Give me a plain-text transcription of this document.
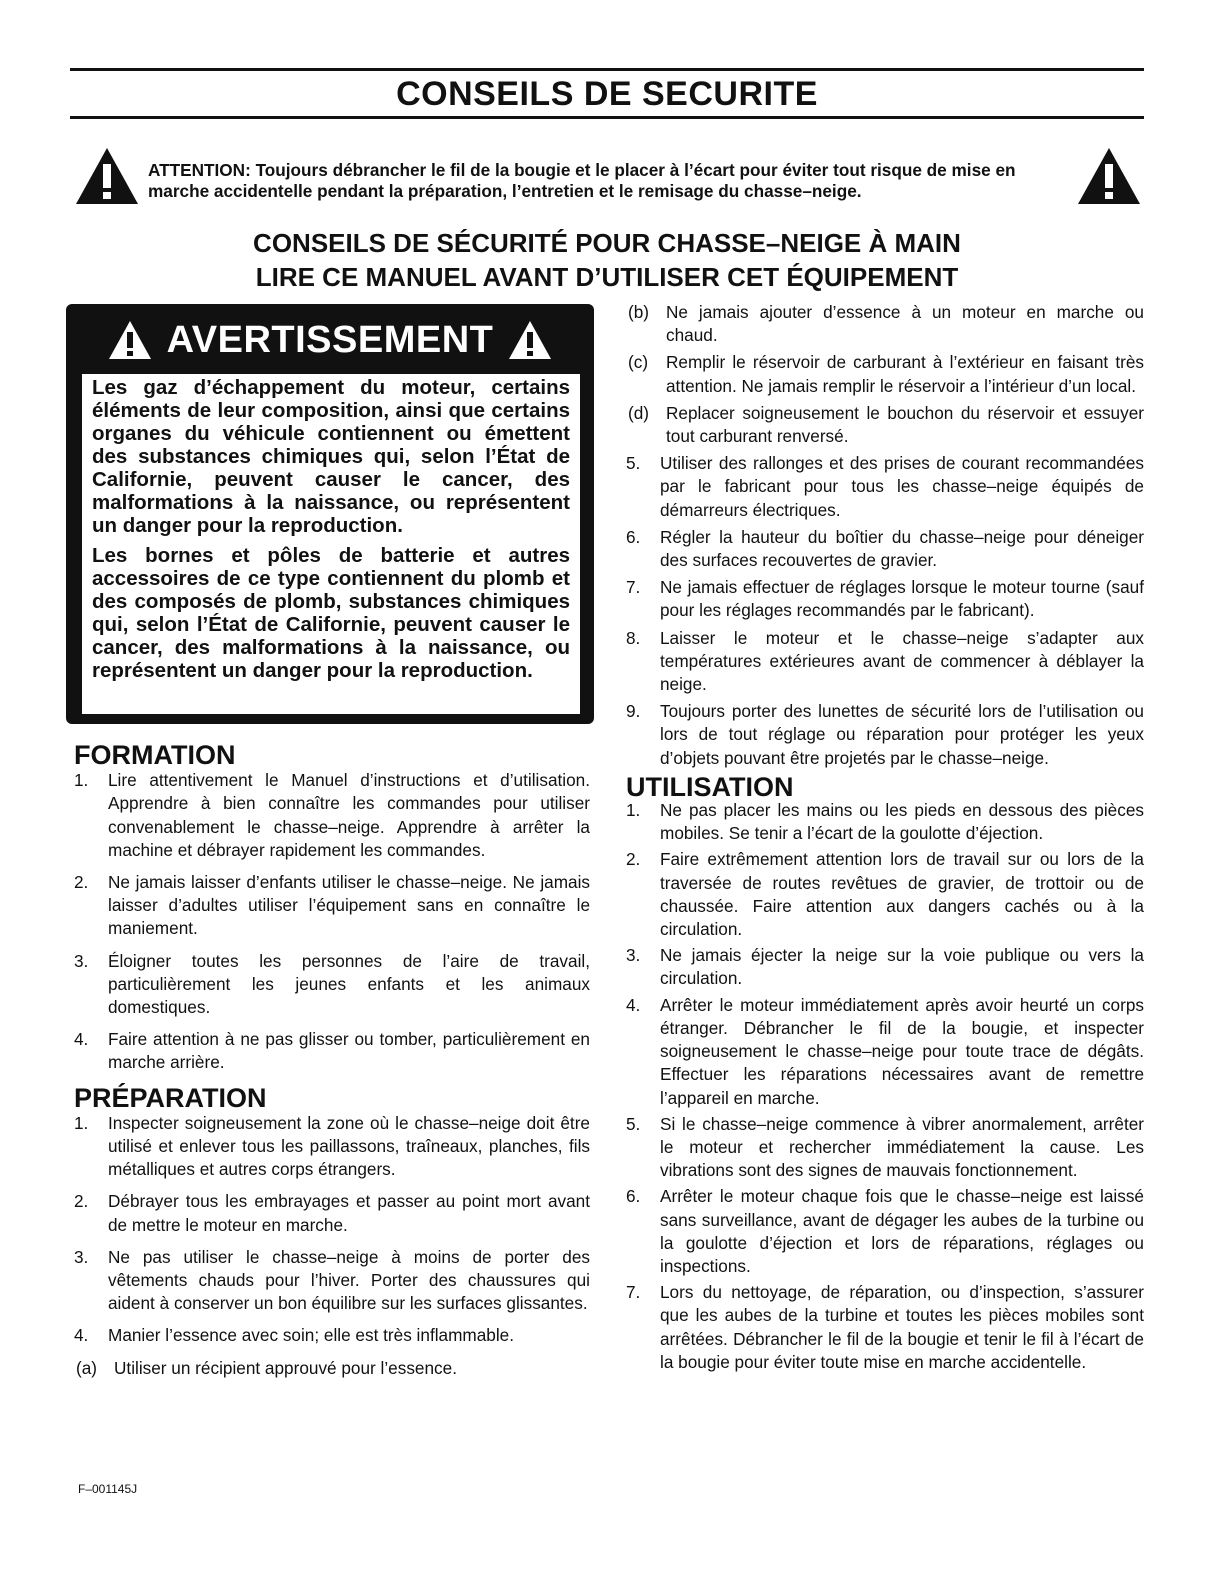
CONSEILS DE SECURITE
ATTENTION: Toujours débrancher le fil de la bougie et le placer à l’écart pour éviter tout risque de mise en marche accidentelle pendant la préparation, l’entretien et le remisage du chasse–neige.
CONSEILS DE SÉCURITÉ POUR CHASSE–NEIGE À MAIN
LIRE CE MANUEL AVANT D’UTILISER CET ÉQUIPEMENT
AVERTISSEMENT

Les gaz d’échappement du moteur, certains éléments de leur composition, ainsi que certains organes du véhicule contiennent ou émettent des substances chimiques qui, selon l’État de Californie, peuvent causer le cancer, des malformations à la naissance, ou représentent un danger pour la reproduction.

Les bornes et pôles de batterie et autres accessoires de ce type contiennent du plomb et des composés de plomb, substances chimiques qui, selon l’État de Californie, peuvent causer le cancer, des malformations à la naissance, ou représentent un danger pour la reproduction.

FORMATION
1.	Lire attentivement le Manuel d’instructions et d’utilisation. Apprendre à bien connaître les commandes pour utiliser convenablement le chasse–neige. Apprendre à arrêter la machine et débrayer rapidement les commandes.
2.	Ne jamais laisser d’enfants utiliser le chasse–neige. Ne jamais laisser d’adultes utiliser l’équipement sans en connaître le maniement.
3.	Éloigner toutes les personnes de l’aire de travail, particulièrement les jeunes enfants et les animaux domestiques.
4.	Faire attention à ne pas glisser ou tomber, particulièrement en marche arrière.
PRÉPARATION
1.	Inspecter soigneusement la zone où le chasse–neige doit être utilisé et enlever tous les paillassons, traîneaux, planches, fils métalliques et autres corps étrangers.
2.	Débrayer tous les embrayages et passer au point mort avant de mettre le moteur en marche.
3.	Ne pas utiliser le chasse–neige à moins de porter des vêtements chauds pour l’hiver. Porter des chaussures qui aident à conserver un bon équilibre sur les surfaces glissantes.
4.	Manier l’essence avec soin; elle est très inflammable.
(a) Utiliser un récipient approuvé pour l’essence.
(b) Ne jamais ajouter d’essence à un moteur en marche ou chaud.
(c) Remplir le réservoir de carburant à l’extérieur en faisant très attention. Ne jamais remplir le réservoir a l’intérieur d’un local.
(d) Replacer soigneusement le bouchon du réservoir et essuyer tout carburant renversé.
5.	Utiliser des rallonges et des prises de courant recommandées par le fabricant pour tous les chasse–neige équipés de démarreurs électriques.
6.	Régler la hauteur du boîtier du chasse–neige pour déneiger des surfaces recouvertes de gravier.
7.	Ne jamais effectuer de réglages lorsque le moteur tourne (sauf pour les réglages recommandés par le fabricant).
8.	Laisser le moteur et le chasse–neige s’adapter aux températures extérieures avant de commencer à déblayer la neige.
9.	Toujours porter des lunettes de sécurité lors de l’utilisation ou lors de tout réglage ou réparation pour protéger les yeux d’objets pouvant être projetés par le chasse–neige.
UTILISATION
1.	Ne pas placer les mains ou les pieds en dessous des pièces mobiles. Se tenir a l’écart de la goulotte d’éjection.
2.	Faire extrêmement attention lors de travail sur ou lors de la traversée de routes revêtues de gravier, de trottoir ou de chaussée. Faire attention aux dangers cachés ou à la circulation.
3.	Ne jamais éjecter la neige sur la voie publique ou vers la circulation.
4.	Arrêter le moteur immédiatement après avoir heurté un corps étranger. Débrancher le fil de la bougie, et inspecter soigneusement le chasse–neige pour toute trace de dégâts. Effectuer les réparations nécessaires avant de remettre l’appareil en marche.
5.	Si le chasse–neige commence à vibrer anormalement, arrêter le moteur et rechercher immédiatement la cause. Les vibrations sont des signes de mauvais fonctionnement.
6.	Arrêter le moteur chaque fois que le chasse–neige est laissé sans surveillance, avant de dégager les aubes de la turbine ou la goulotte d’éjection et lors de réparations, réglages ou inspections.
7.	Lors du nettoyage, de réparation, ou d’inspection, s’assurer que les aubes de la turbine et toutes les pièces mobiles sont arrêtées. Débrancher le fil de la bougie et tenir le fil à l’écart de la bougie pour éviter toute mise en marche accidentelle.
F–001145J
